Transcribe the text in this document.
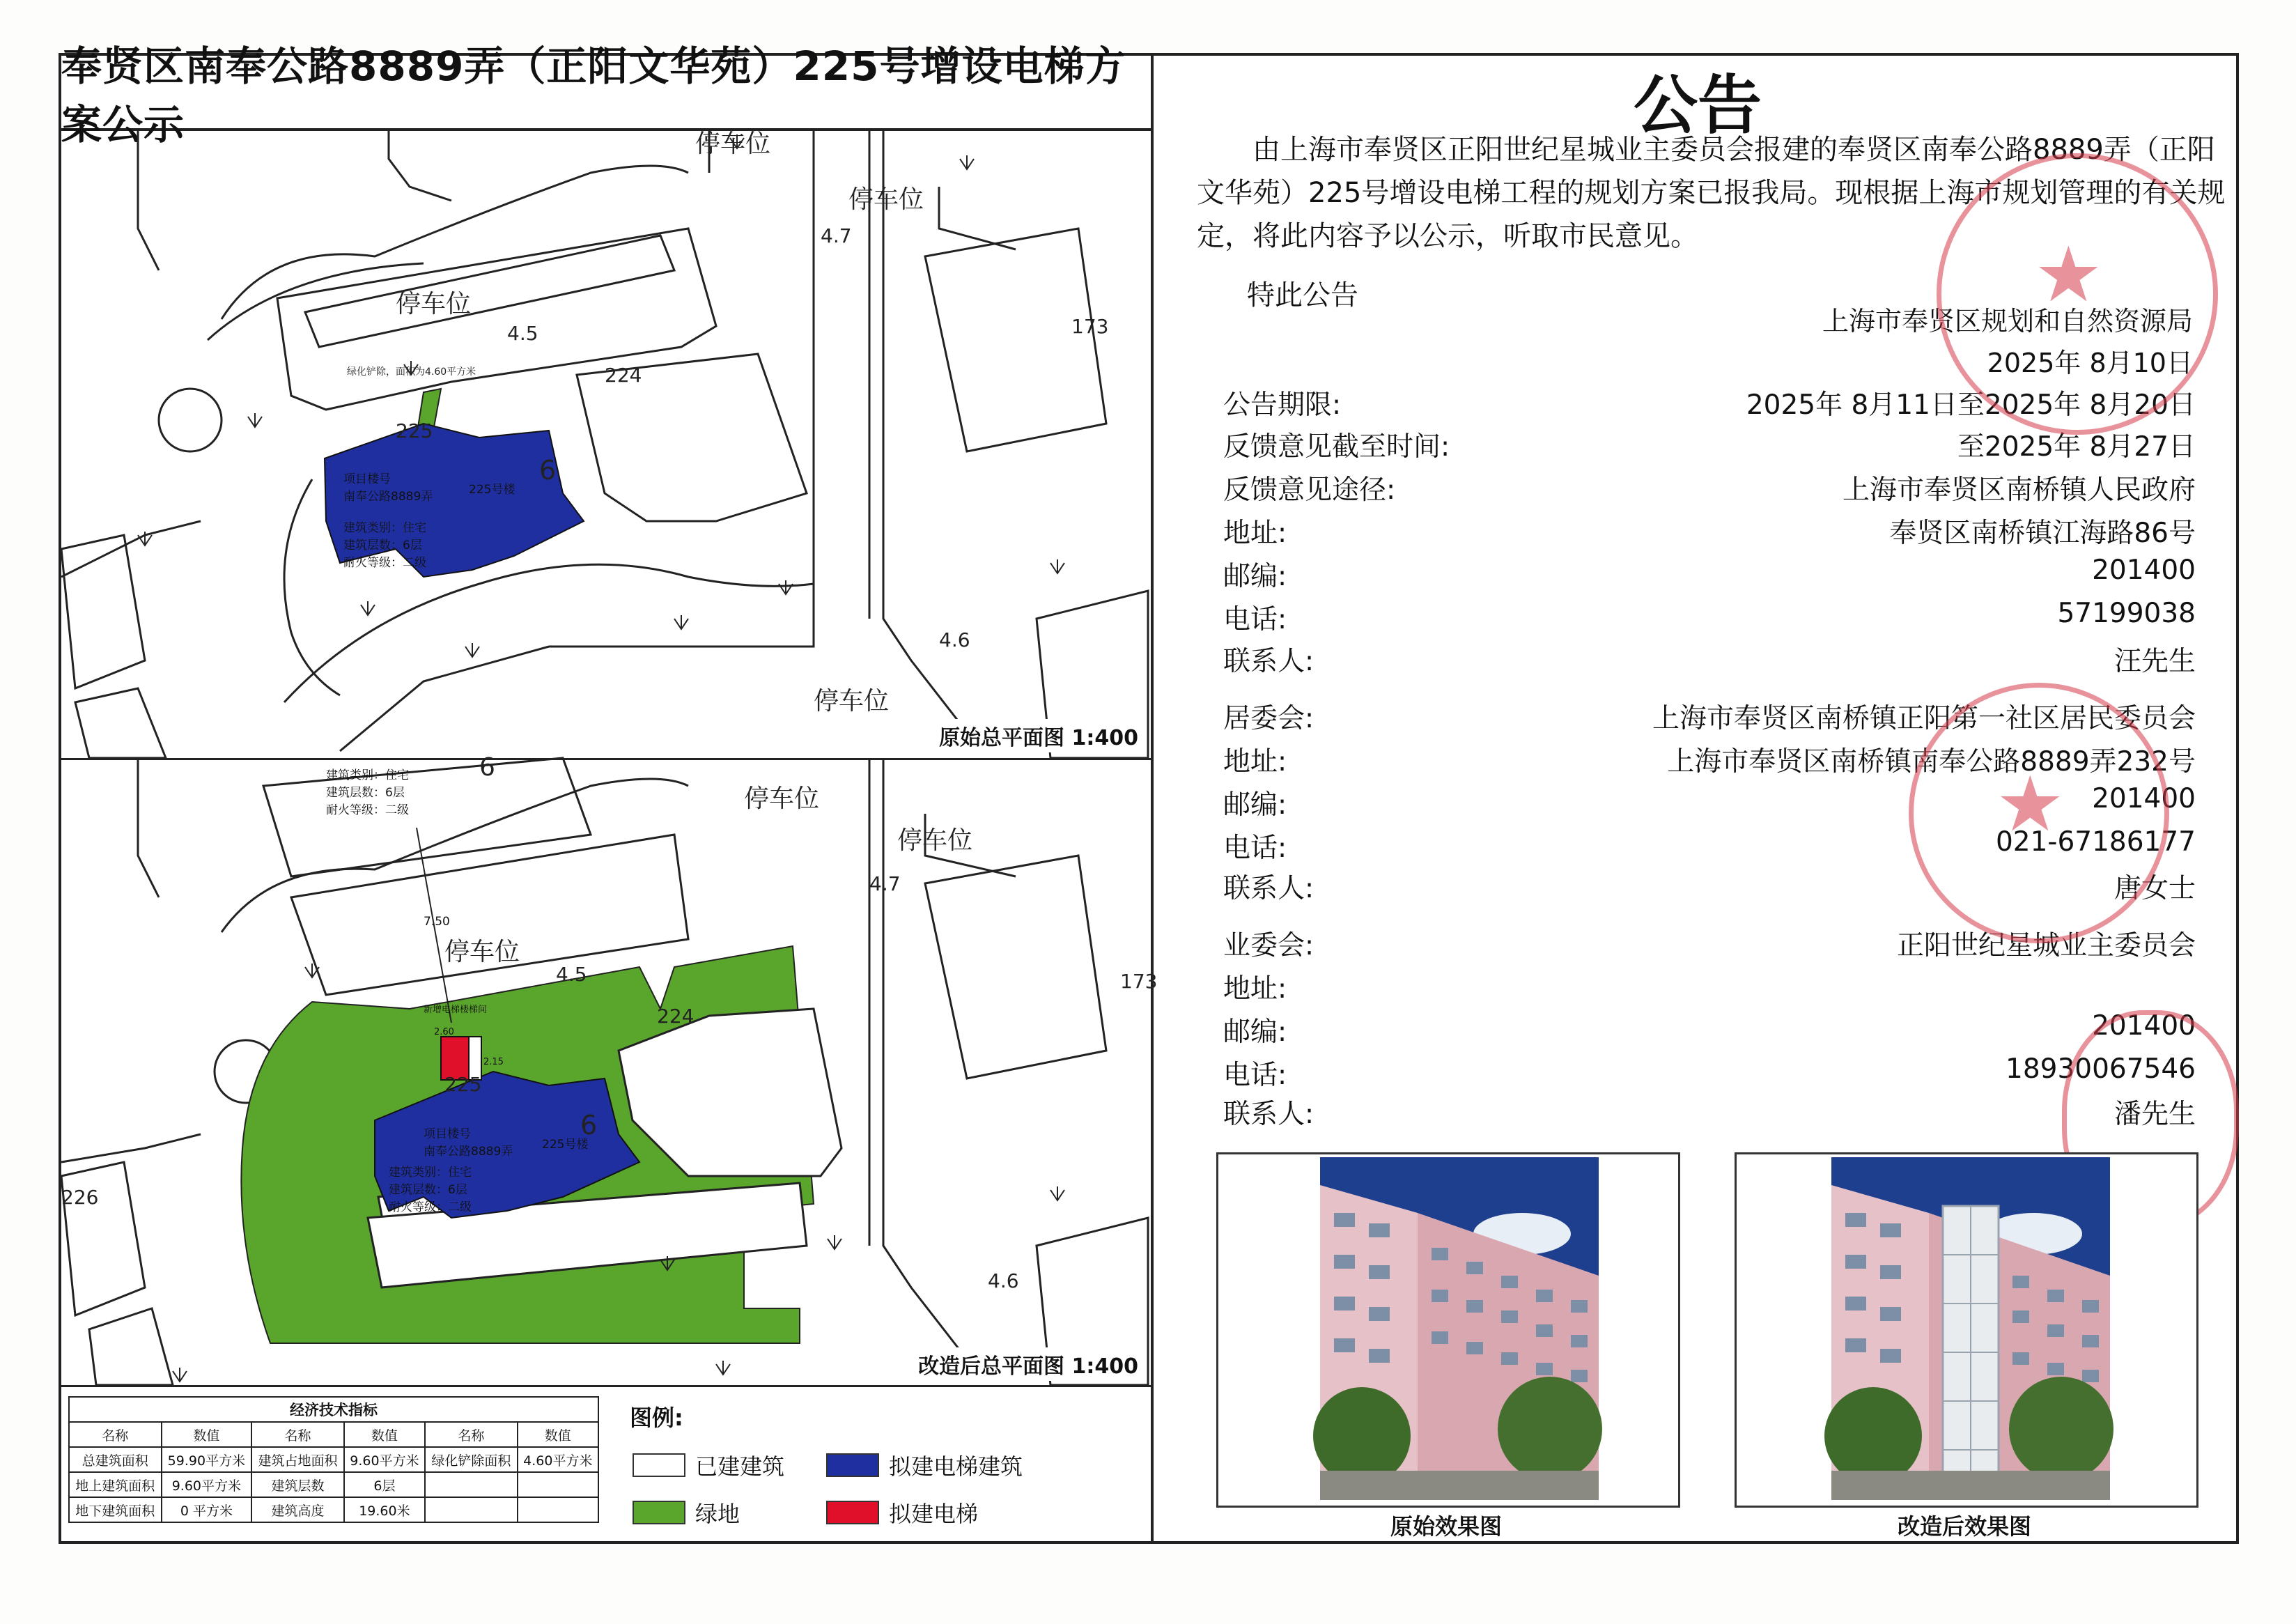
奉贤区南奉公路8889弄（正阳文华苑）225号增设电梯方案公示	停车位
停车位
停车位
停车位
4.7
4.5
4.6
224
225
173
6
绿化铲除，面积为4.60平方米
项目楼号
南奉公路8889弄	225号楼
建筑类别：住宅
建筑层数：6层
耐火等级：二级
原始总平面图 1:400
停车位
停车位
停车位
4.7
4.5
4.6
6
224
225
173
226
6
建筑类别：住宅
建筑层数：6层
耐火等级：二级
7.50
新增电梯楼梯间
2.60
2.15
项目楼号
南奉公路8889弄 225号楼
建筑类别：住宅
建筑层数：6层
耐火等级：二级
改造后总平面图 1:400
经济技术指标					
名称	数值	名称	数值	名称	数值
总建筑面积	59.90平方米	建筑占地面积	9.60平方米	绿化铲除面积	4.60平方米
地上建筑面积	9.60平方米	建筑层数	6层		
地下建筑面积	0 平方米	建筑高度	19.60米		
图例:
已建建筑	拟建电梯建筑
绿地	拟建电梯
公告
由上海市奉贤区正阳世纪星城业主委员会报建的奉贤区南奉公路8889弄（正阳文华苑）225号增设电梯工程的规划方案已报我局。现根据上海市规划管理的有关规定，将此内容予以公示，听取市民意见。
特此公告
上海市奉贤区规划和自然资源局
2025年 8月10日
公告期限:	2025年 8月11日至2025年 8月20日
反馈意见截至时间:	至2025年 8月27日
反馈意见途径:	上海市奉贤区南桥镇人民政府
地址:	奉贤区南桥镇江海路86号
邮编:	201400
电话:	57199038
联系人:	汪先生
居委会:	上海市奉贤区南桥镇正阳第一社区居民委员会
地址:	上海市奉贤区南桥镇南奉公路8889弄232号
邮编:	201400
电话:	021-67186177
联系人:	唐女士
业委会:	正阳世纪星城业主委员会
地址:
邮编:	201400
电话:	18930067546
联系人:	潘先生
★
★
原始效果图	改造后效果图
